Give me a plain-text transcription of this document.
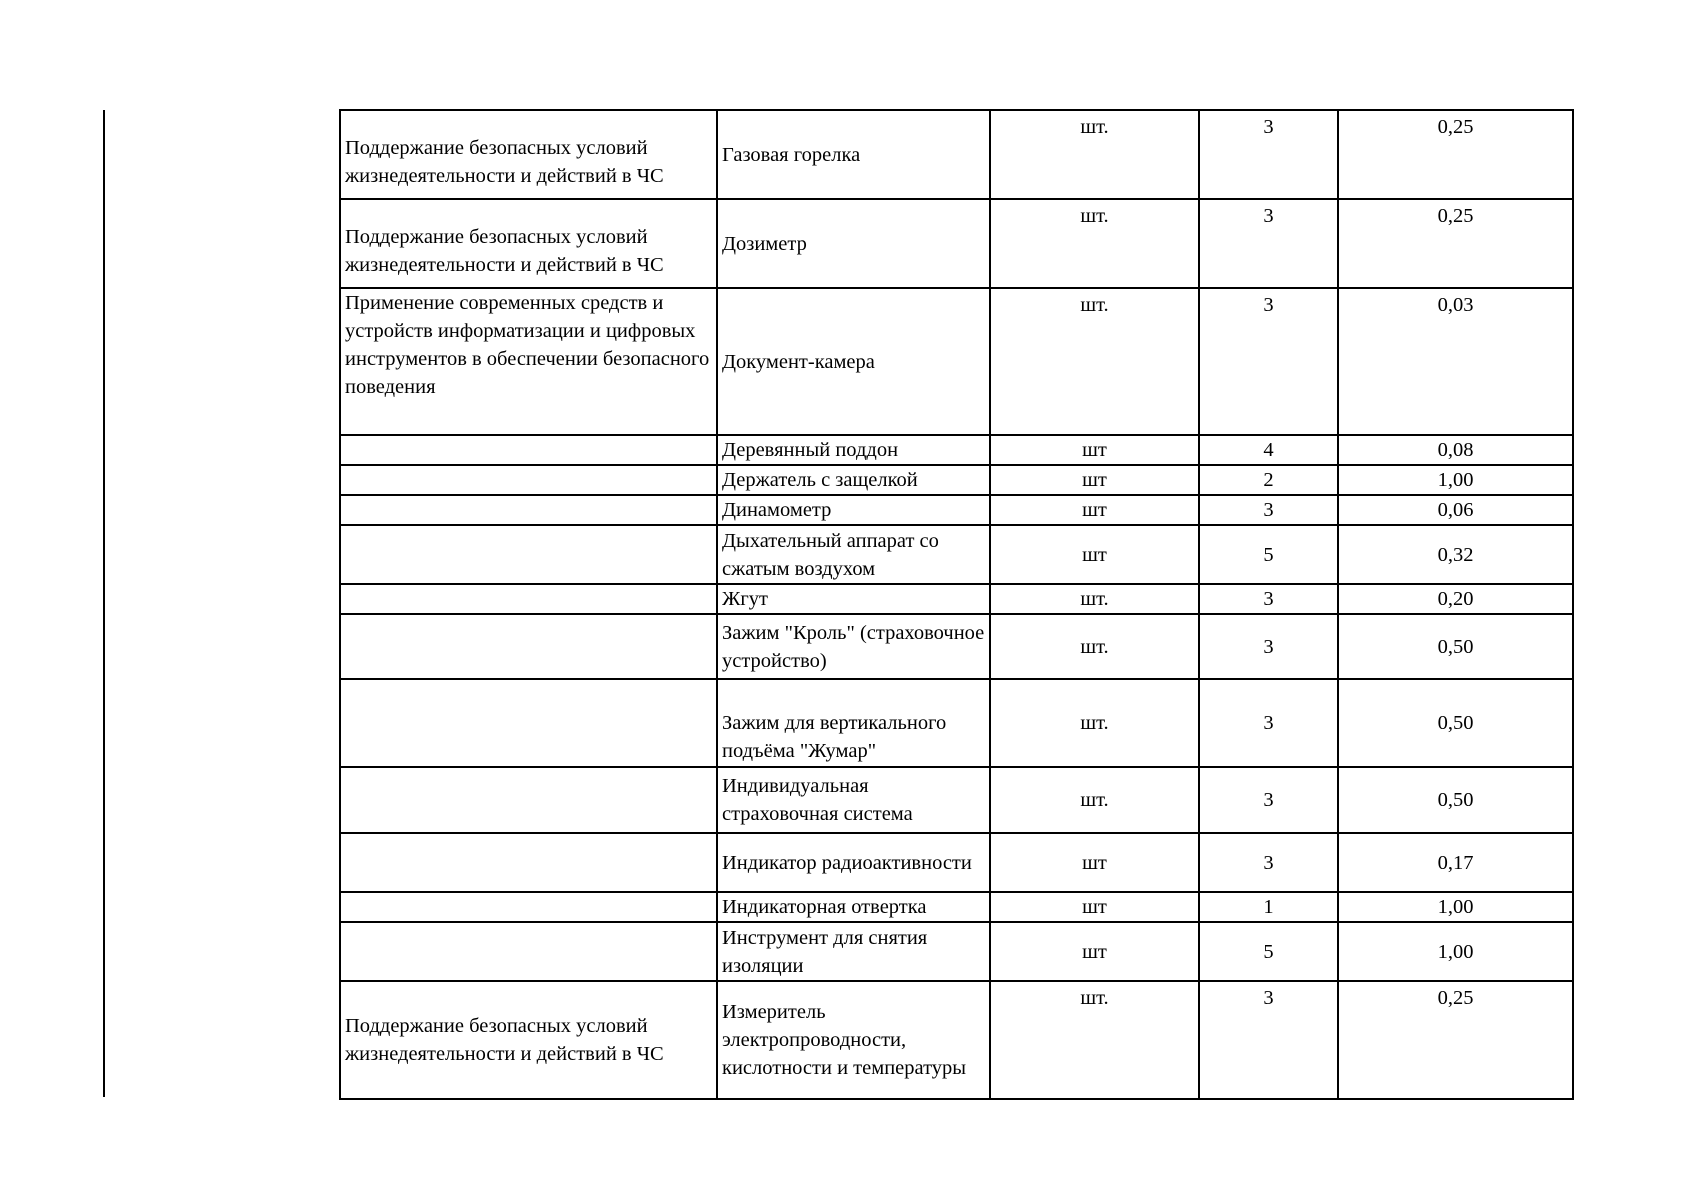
Поддержание безопасных условий жизнедеятельности и действий в ЧС	Газовая горелка	шт.	3	0,25
Поддержание безопасных условий жизнедеятельности и действий в ЧС	Дозиметр	шт.	3	0,25
Применение современных средств и устройств информатизации и цифровых инструментов в обеспечении безопасного поведения	Документ-камера	шт.	3	0,03
	Деревянный поддон	шт	4	0,08
	Держатель с защелкой	шт	2	1,00
	Динамометр	шт	3	0,06
	Дыхательный аппарат со сжатым воздухом	шт	5	0,32
	Жгут	шт.	3	0,20
	Зажим "Кроль" (страховочное устройство)	шт.	3	0,50
	Зажим для вертикального подъёма "Жумар"	шт.	3	0,50
	Индивидуальная страховочная система	шт.	3	0,50
	Индикатор радиоактивности	шт	3	0,17
	Индикаторная отвертка	шт	1	1,00
	Инструмент для снятия изоляции	шт	5	1,00
Поддержание безопасных условий жизнедеятельности и действий в ЧС	Измеритель электропроводности, кислотности и температуры	шт.	3	0,25
